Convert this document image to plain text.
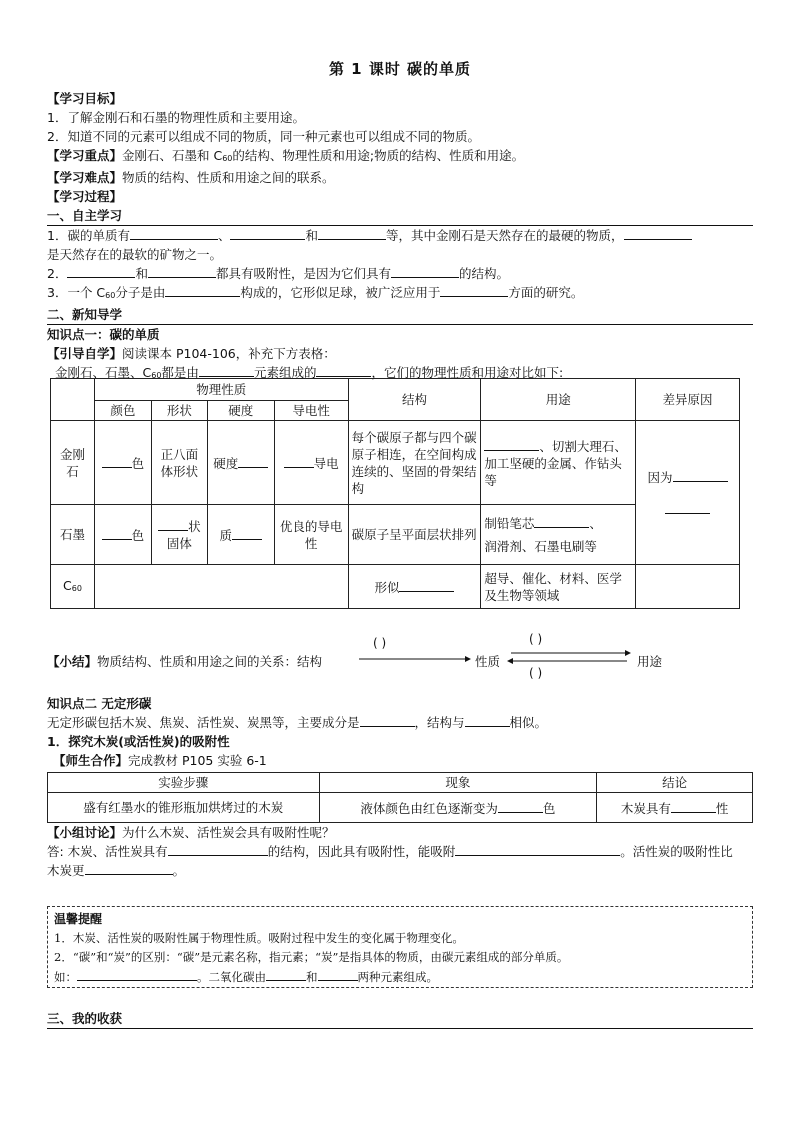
第 1 课时 碳的单质
【学习目标】
1．了解金刚石和石墨的物理性质和主要用途。
2．知道不同的元素可以组成不同的物质，同一种元素也可以组成不同的物质。
【学习重点】金刚石、石墨和 $C_{60}$的结构、物理性质和用途;物质的结构、性质和用途。
【学习难点】物质的结构、性质和用途之间的联系。
【学习过程】
一、自主学习
1．碳的单质有	、	和	等，其中金刚石是天然存在的最硬的物质，
是天然存在的最软的矿物之一。
2．	和	都具有吸附性，是因为它们具有	的结构。
3．一个 $C_{60}$分子是由	构成的，它形似足球，被广泛应用于	方面的研究。
二、新知导学
知识点一：碳的单质
【引导自学】阅读课本 P104-106，补充下方表格：
金刚石、石墨、$C_{60}$都是由	元素组成的	，它们的物理性质和用途对比如下:
	物理性质				结构	用途	差异原因
	颜色	形状	硬度	导电性			
金刚石	色	正八面体形状	硬度	导电	每个碳原子都与四个碳原子相连，在空间构成连续的、坚固的骨架结构	、切割大理石、加工坚硬的金属、作钻头等	因为

石墨	色	状固体	质	优良的导电性	碳原子呈平面层状排列	制铅笔芯 、
润滑剂、石墨电刷等	

$C_{60}$					形似	超导、催化、材料、医学及生物等领域	
【小结】物质结构、性质和用途之间的关系：结构
( )
性质
( )
用途
( )
知识点二 无定形碳
无定形碳包括木炭、焦炭、活性炭、炭黑等，主要成分是	，结构与	相似。
1．探究木炭(或活性炭)的吸附性
【师生合作】完成教材 P105 实验 6-1
实验步骤	现象	结论
盛有红墨水的锥形瓶加烘烤过的木炭	液体颜色由红色逐渐变为 色	木炭具有 性
【小组讨论】为什么木炭、活性炭会具有吸附性呢？
答: 木炭、活性炭具有	的结构，因此具有吸附性，能吸附	。活性炭的吸附性比
木炭更	。
温馨提醒
1．木炭、活性炭的吸附性属于物理性质。吸附过程中发生的变化属于物理变化。
2．“碳”和“炭”的区别：“碳”是元素名称，指元素；“炭”是指具体的物质，由碳元素组成的部分单质。
如：	。二氧化碳由	和	两种元素组成。
三、我的收获
